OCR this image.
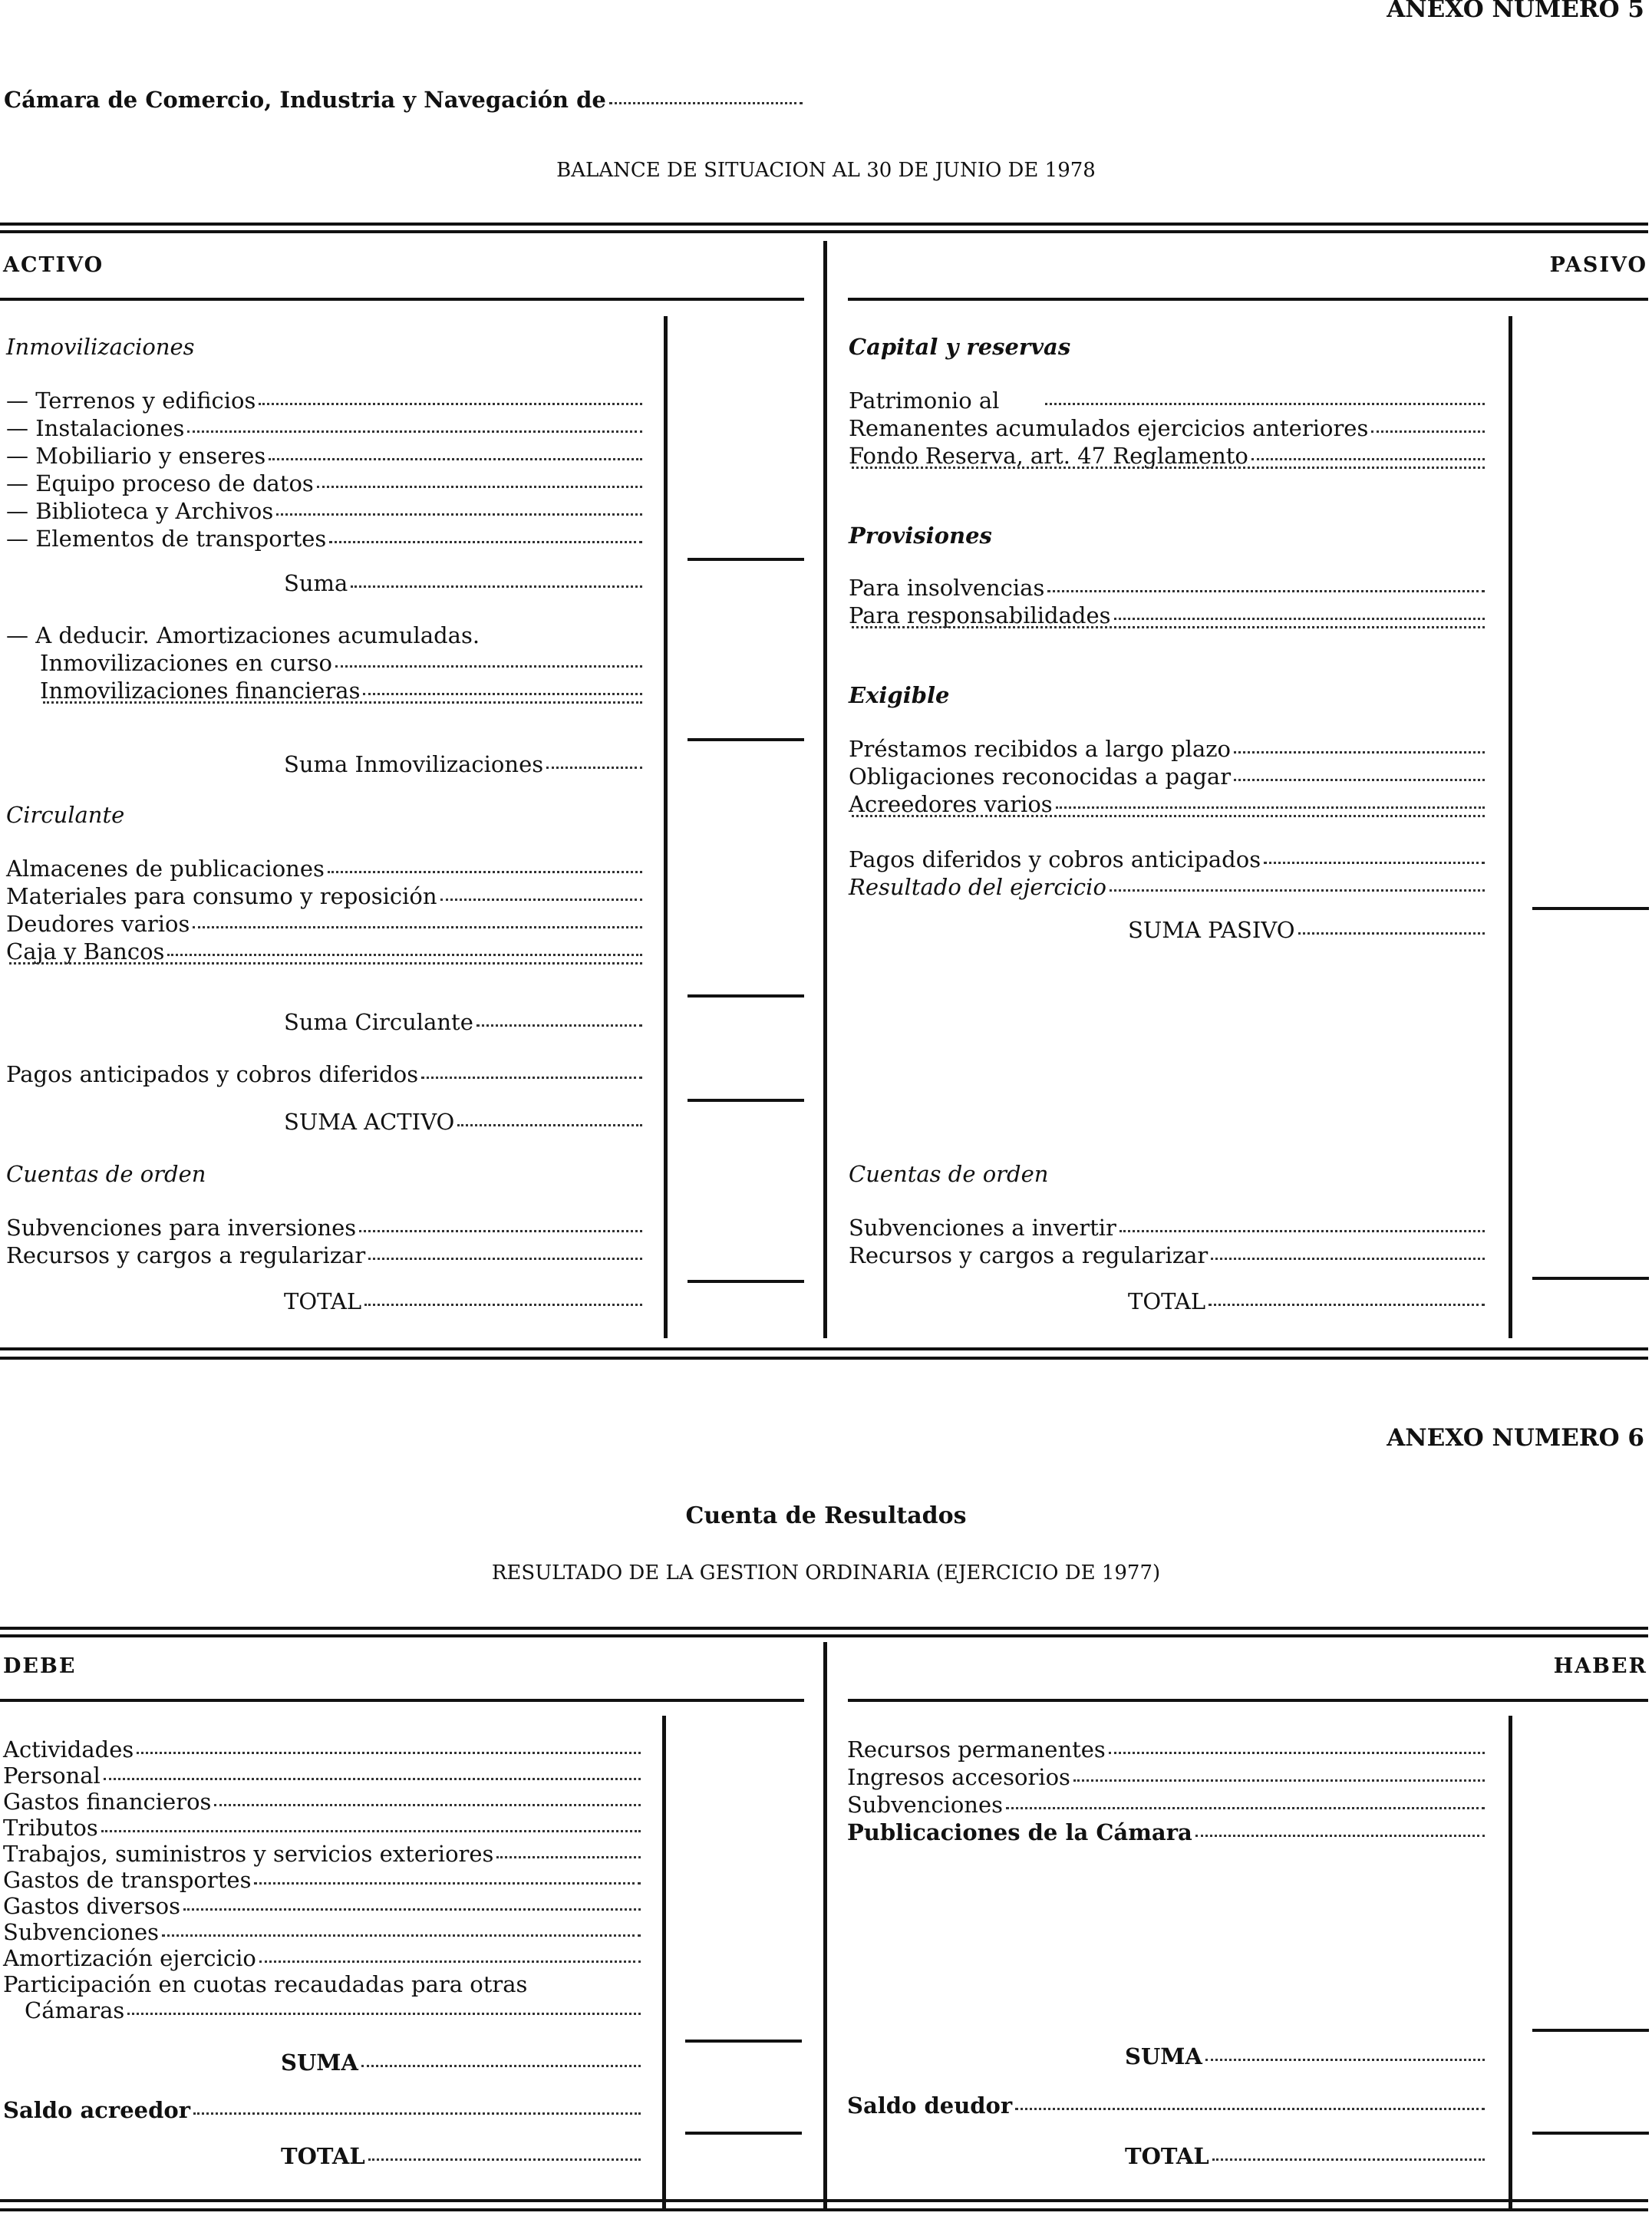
ANEXO NUMERO 5
Cámara de Comercio, Industria y Navegación de
BALANCE DE SITUACION AL 30 DE JUNIO DE 1978
ACTIVO	PASIVO
Inmovilizaciones
— Terrenos y edificios
— Instalaciones
— Mobiliario y enseres
— Equipo proceso de datos
— Biblioteca y Archivos
— Elementos de transportes
Suma
— A deducir. Amortizaciones acumuladas.
Inmovilizaciones en curso
Inmovilizaciones financieras
Suma Inmovilizaciones
Circulante
Almacenes de publicaciones
Materiales para consumo y reposición
Deudores varios
Caja y Bancos
Suma Circulante
Pagos anticipados y cobros diferidos
SUMA ACTIVO
Cuentas de orden
Subvenciones para inversiones
Recursos y cargos a regularizar
TOTAL
Capital y reservas
Patrimonio al
Remanentes acumulados ejercicios anteriores
Fondo Reserva, art. 47 Reglamento
Provisiones
Para insolvencias
Para responsabilidades
Exigible
Préstamos recibidos a largo plazo
Obligaciones reconocidas a pagar
Acreedores varios
Pagos diferidos y cobros anticipados
Resultado del ejercicio
SUMA PASIVO
Cuentas de orden
Subvenciones a invertir
Recursos y cargos a regularizar
TOTAL
ANEXO NUMERO 6
Cuenta de Resultados
RESULTADO DE LA GESTION ORDINARIA (EJERCICIO DE 1977)
DEBE	HABER
Actividades
Personal
Gastos financieros
Tributos
Trabajos, suministros y servicios exteriores
Gastos de transportes
Gastos diversos
Subvenciones
Amortización ejercicio
Participación en cuotas recaudadas para otras
Cámaras
SUMA
Saldo acreedor
TOTAL
Recursos permanentes
Ingresos accesorios
Subvenciones
Publicaciones de la Cámara
SUMA
Saldo deudor
TOTAL
